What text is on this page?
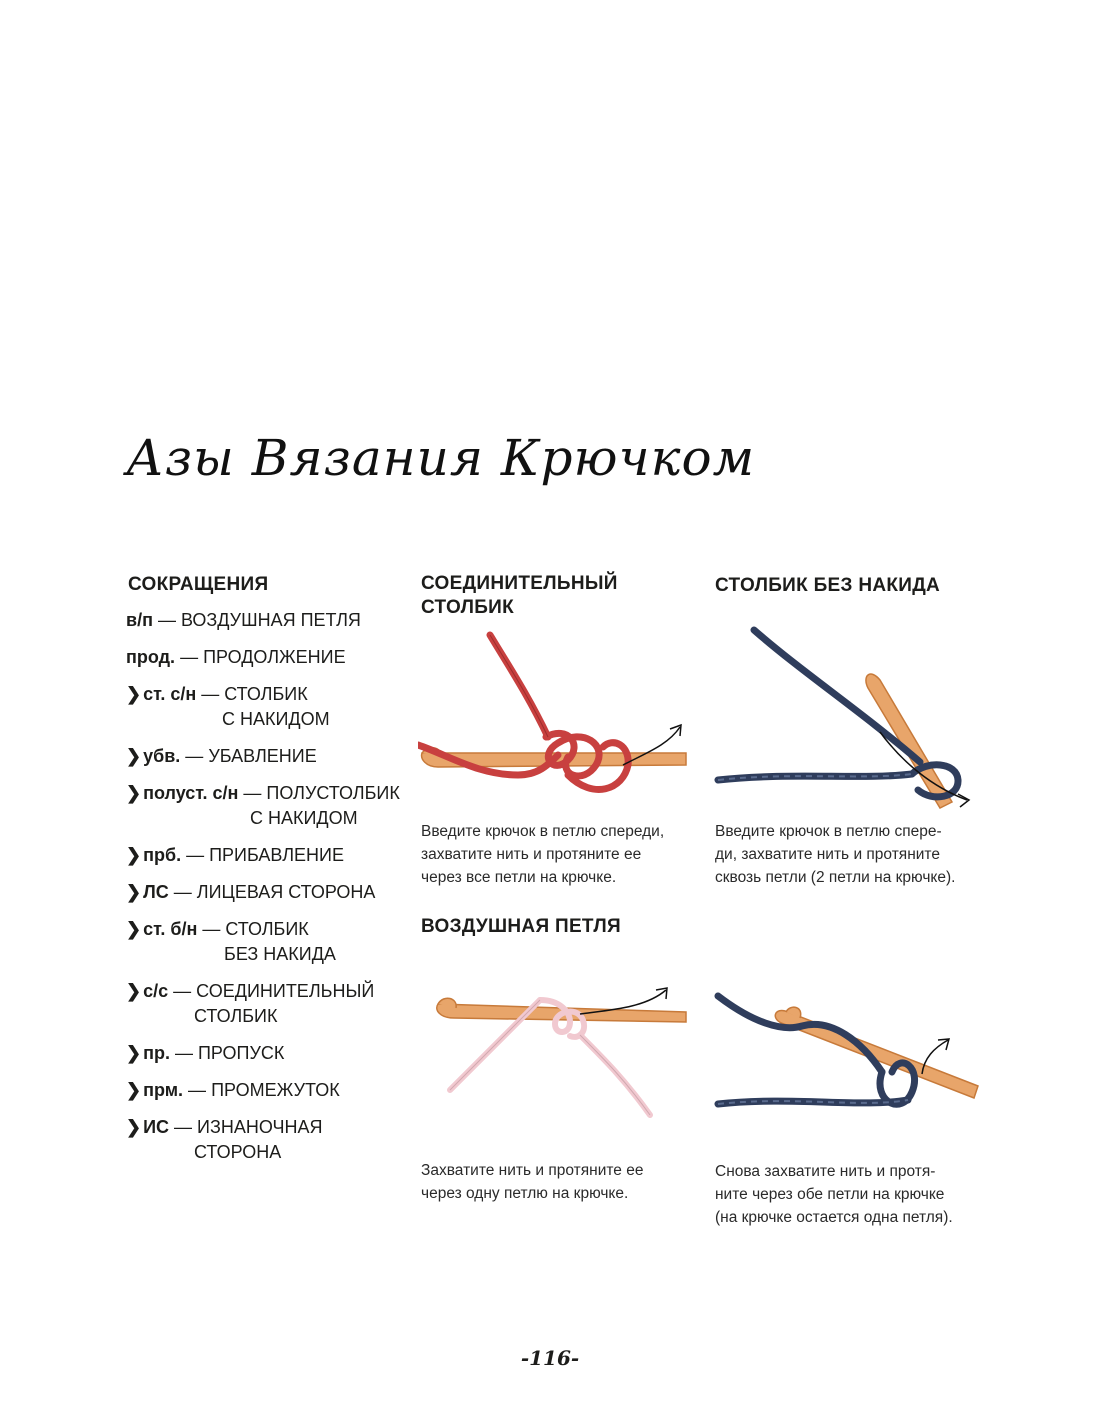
Азы Вязания Крючком
СОКРАЩЕНИЯ
в/п — ВОЗДУШНАЯ ПЕТЛЯ
прод. — ПРОДОЛЖЕНИЕ
❯ ст. с/н — СТОЛБИК
С НАКИДОМ
❯ убв. — УБАВЛЕНИЕ
❯ полуст. с/н — ПОЛУСТОЛБИК
С НАКИДОМ
❯ прб. — ПРИБАВЛЕНИЕ
❯ ЛС — ЛИЦЕВАЯ СТОРОНА
❯ ст. б/н — СТОЛБИК
БЕЗ НАКИДА
❯ с/с — СОЕДИНИТЕЛЬНЫЙ
СТОЛБИК
❯ пр. — ПРОПУСК
❯ прм. — ПРОМЕЖУТОК
❯ ИС — ИЗНАНОЧНАЯ
СТОРОНА
СОЕДИНИТЕЛЬНЫЙ
СТОЛБИК
Введите крючок в петлю спереди,
захватите нить и протяните ее
через все петли на крючке.
ВОЗДУШНАЯ ПЕТЛЯ
Захватите нить и протяните ее
через одну петлю на крючке.
СТОЛБИК БЕЗ НАКИДА
Введите крючок в петлю спере-
ди, захватите нить и протяните
сквозь петли (2 петли на крючке).
Снова захватите нить и протя-
ните через обе петли на крючке
(на крючке остается одна петля).
-116-
